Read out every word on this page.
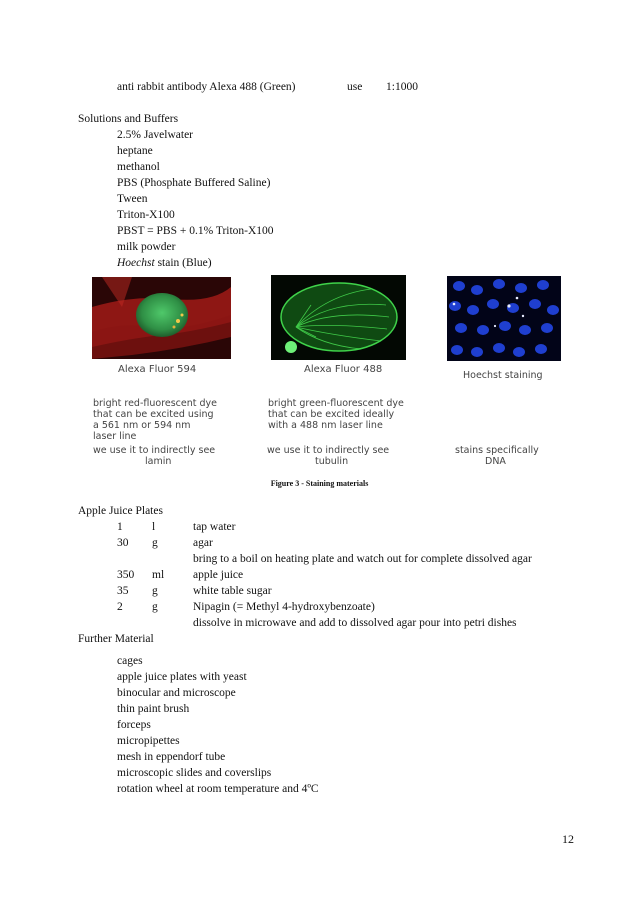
anti rabbit antibody Alexa 488 (Green)	use 1:1000
Solutions and Buffers
2.5% Javelwater
heptane
methanol
PBS (Phosphate Buffered Saline)
Tween
Triton-X100
PBST = PBS + 0.1% Triton-X100
milk powder
Hoechst stain (Blue)
Alexa Fluor 594
bright red-fluorescent dye
that can be excited using
a 561 nm or 594 nm
laser line
we use it to indirectly see
lamin
Alexa Fluor 488
bright green-fluorescent dye
that can be excited ideally
with a 488 nm laser line
we use it to indirectly see
tubulin
Hoechst staining
stains specifically
DNA
Figure 3 - Staining materials
Apple Juice Plates
1	l	tap water
30 g	agar
bring to a boil on heating plate and watch out for complete dissolved agar
350 ml	apple juice
35 g	white table sugar
2	g	Nipagin (= Methyl 4-hydroxybenzoate)
dissolve in microwave and add to dissolved agar pour into petri dishes
Further Material
cages
apple juice plates with yeast
binocular and microscope
thin paint brush
forceps
micropipettes
mesh in eppendorf tube
microscopic slides and coverslips
rotation wheel at room temperature and 4ºC
12
